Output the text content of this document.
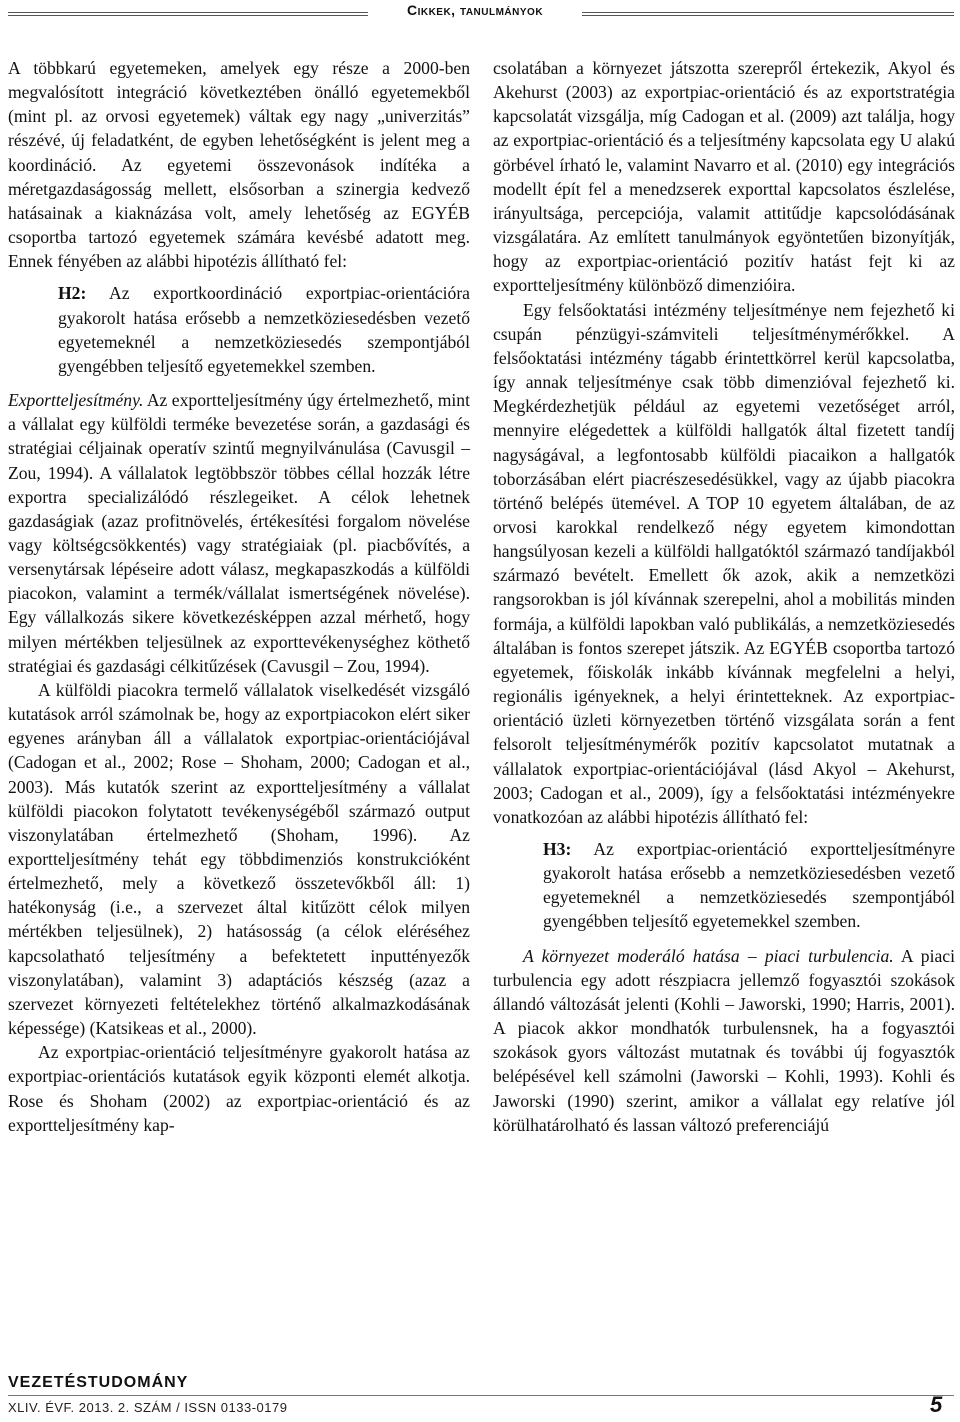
Cikkek, tanulmányok

A többkarú egyetemeken, amelyek egy része a 2000-ben megvalósított integráció következtében önálló egyetemekből (mint pl. az orvosi egyetemek) váltak egy nagy „univerzitás” részévé, új feladatként, de egyben lehetőségként is jelent meg a koordináció. Az egyetemi összevonások indítéka a méretgazdaságosság mellett, elsősorban a szinergia kedvező hatásainak a kiaknázása volt, amely lehetőség az EGYÉB csoportba tartozó egyetemek számára kevésbé adatott meg. Ennek fényében az alábbi hipotézis állítható fel:

H2: Az exportkoordináció exportpiac-orientációra gyakorolt hatása erősebb a nemzetköziesedésben vezető egyetemeknél a nemzetköziesedés szempontjából gyengébben teljesítő egyetemekkel szemben.

Exportteljesítmény. Az exportteljesítmény úgy értelmezhető, mint a vállalat egy külföldi terméke bevezetése során, a gazdasági és stratégiai céljainak operatív szintű megnyilvánulása (Cavusgil – Zou, 1994). A vállalatok legtöbbször többes céllal hozzák létre exportra specializálódó részlegeiket. A célok lehetnek gazdaságiak (azaz profitnövelés, értékesítési forgalom növelése vagy költségcsökkentés) vagy stratégiaiak (pl. piacbővítés, a versenytársak lépéseire adott válasz, megkapaszkodás a külföldi piacokon, valamint a termék/vállalat ismertségének növelése). Egy vállalkozás sikere következésképpen azzal mérhető, hogy milyen mértékben teljesülnek az exporttevékenységhez köthető stratégiai és gazdasági célkitűzések (Cavusgil – Zou, 1994).

A külföldi piacokra termelő vállalatok viselkedését vizsgáló kutatások arról számolnak be, hogy az exportpiacokon elért siker egyenes arányban áll a vállalatok exportpiac-orientációjával (Cadogan et al., 2002; Rose – Shoham, 2000; Cadogan et al., 2003). Más kutatók szerint az exportteljesítmény a vállalat külföldi piacokon folytatott tevékenységéből származó output viszonylatában értelmezhető (Shoham, 1996). Az exportteljesítmény tehát egy többdimenziós konstrukcióként értelmezhető, mely a következő összetevőkből áll: 1) hatékonyság (i.e., a szervezet által kitűzött célok milyen mértékben teljesülnek), 2) hatásosság (a célok eléréséhez kapcsolatható teljesítmény a befektetett inputtényezők viszonylatában), valamint 3) adaptációs készség (azaz a szervezet környezeti feltételekhez történő alkalmazkodásának képessége) (Katsikeas et al., 2000).

Az exportpiac-orientáció teljesítményre gyakorolt hatása az exportpiac-orientációs kutatások egyik központi elemét alkotja. Rose és Shoham (2002) az exportpiac-orientáció és az exportteljesítmény kap-

csolatában a környezet játszotta szerepről értekezik, Akyol és Akehurst (2003) az exportpiac-orientáció és az exportstratégia kapcsolatát vizsgálja, míg Cadogan et al. (2009) azt találja, hogy az exportpiac-orientáció és a teljesítmény kapcsolata egy U alakú görbével írható le, valamint Navarro et al. (2010) egy integrációs modellt épít fel a menedzserek exporttal kapcsolatos észlelése, irányultsága, percepciója, valamit attitűdje kapcsolódásának vizsgálatára. Az említett tanulmányok egyöntetűen bizonyítják, hogy az exportpiac-orientáció pozitív hatást fejt ki az exportteljesítmény különböző dimenzióira.

Egy felsőoktatási intézmény teljesítménye nem fejezhető ki csupán pénzügyi-számviteli teljesítménymérőkkel. A felsőoktatási intézmény tágabb érintettkörrel kerül kapcsolatba, így annak teljesítménye csak több dimenzióval fejezhető ki. Megkérdezhetjük például az egyetemi vezetőséget arról, mennyire elégedettek a külföldi hallgatók által fizetett tandíj nagyságával, a legfontosabb külföldi piacaikon a hallgatók toborzásában elért piacrészesedésükkel, vagy az újabb piacokra történő belépés ütemével. A TOP 10 egyetem általában, de az orvosi karokkal rendelkező négy egyetem kimondottan hangsúlyosan kezeli a külföldi hallgatóktól származó tandíjakból származó bevételt. Emellett ők azok, akik a nemzetközi rangsorokban is jól kívánnak szerepelni, ahol a mobilitás minden formája, a külföldi lapokban való publikálás, a nemzetköziesedés általában is fontos szerepet játszik. Az EGYÉB csoportba tartozó egyetemek, főiskolák inkább kívánnak megfelelni a helyi, regionális igényeknek, a helyi érintetteknek. Az exportpiac-orientáció üzleti környezetben történő vizsgálata során a fent felsorolt teljesítménymérők pozitív kapcsolatot mutatnak a vállalatok exportpiac-orientációjával (lásd Akyol – Akehurst, 2003; Cadogan et al., 2009), így a felsőoktatási intézményekre vonatkozóan az alábbi hipotézis állítható fel:

H3: Az exportpiac-orientáció exportteljesítményre gyakorolt hatása erősebb a nemzetköziesedésben vezető egyetemeknél a nemzetköziesedés szempontjából gyengébben teljesítő egyetemekkel szemben.

A környezet moderáló hatása – piaci turbulencia. A piaci turbulencia egy adott részpiacra jellemző fogyasztói szokások állandó változását jelenti (Kohli – Jaworski, 1990; Harris, 2001). A piacok akkor mondhatók turbulensnek, ha a fogyasztói szokások gyors változást mutatnak és további új fogyasztók belépésével kell számolni (Jaworski – Kohli, 1993). Kohli és Jaworski (1990) szerint, amikor a vállalat egy relatíve jól körülhatárolható és lassan változó preferenciájú

VEZETÉSTUDOMÁNY
XLIV. ÉVF. 2013. 2. SZÁM / ISSN 0133-0179	5
